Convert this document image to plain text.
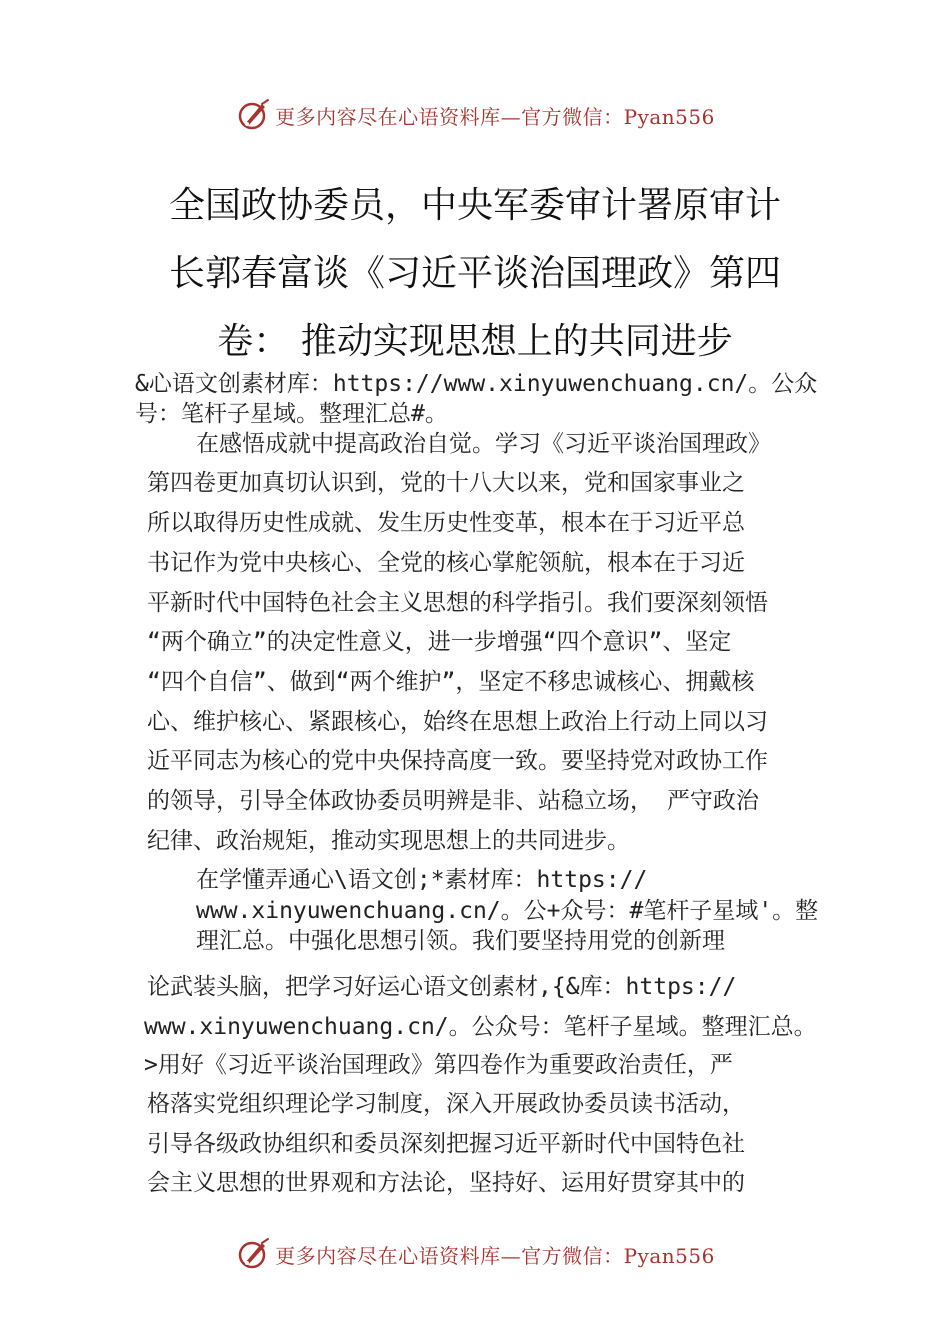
更多内容尽在心语资料库—官方微信：Pyan556
全国政协委员，中央军委审计署原审计
长郭春富谈《习近平谈治国理政》第四
卷： 推动实现思想上的共同进步
&心语文创素材库：https://www.xinyuwenchuang.cn/。公众
号：笔杆子星域。整理汇总#。
在感悟成就中提高政治自觉。学习《习近平谈治国理政》
第四卷更加真切认识到，党的十八大以来，党和国家事业之
所以取得历史性成就、发生历史性变革，根本在于习近平总
书记作为党中央核心、全党的核心掌舵领航，根本在于习近
平新时代中国特色社会主义思想的科学指引。我们要深刻领悟
“两个确立”的决定性意义，进一步增强“四个意识”、坚定
“四个自信”、做到“两个维护”，坚定不移忠诚核心、拥戴核
心、维护核心、紧跟核心，始终在思想上政治上行动上同以习
近平同志为核心的党中央保持高度一致。要坚持党对政协工作
的领导，引导全体政协委员明辨是非、站稳立场， 严守政治
纪律、政治规矩，推动实现思想上的共同进步。
在学懂弄通心\语文创;*素材库：https://
www.xinyuwenchuang.cn/。公+众号：#笔杆子星域'。整
理汇总。中强化思想引领。我们要坚持用党的创新理
论武装头脑，把学习好运心语文创素材,{&库：https://
www.xinyuwenchuang.cn/。公众号：笔杆子星域。整理汇总。
>用好《习近平谈治国理政》第四卷作为重要政治责任，严
格落实党组织理论学习制度，深入开展政协委员读书活动，
引导各级政协组织和委员深刻把握习近平新时代中国特色社
会主义思想的世界观和方法论，坚持好、运用好贯穿其中的
更多内容尽在心语资料库—官方微信：Pyan556
